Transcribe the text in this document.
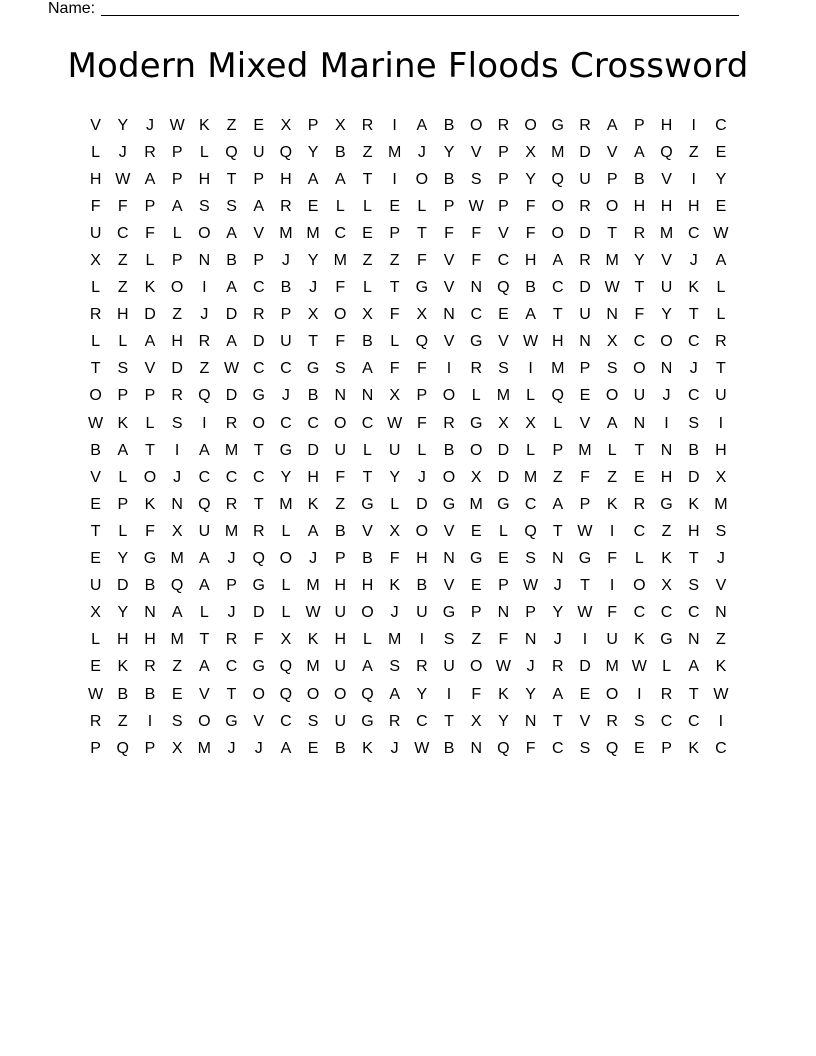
Name:
Modern Mixed Marine Floods Crossword
V	Y	J W K	Z	E	X	P	X	R	I	A	B O R O G R	A	P	H	I	C
L	J	R	P	L	Q U Q Y	B	Z M	J	Y	V	P	X M D	V	A Q	Z	E
H W A	P	H	T	P	H	A	A	T	I	O B	S	P	Y Q U	P	B	V	I	Y
F	F	P	A	S	S	A	R	E	L	L	E	L	P W P	F	O R O H H H	E
U C	F	L	O A	V M M C	E	P	T	F	F	V	F	O D	T	R M C W
X	Z	L	P	N	B	P	J	Y M Z	Z	F	V	F	C H	A	R M Y	V	J	A
L	Z	K O	I	A	C	B	J	F	L	T	G V	N Q B	C D W T	U	K	L
R H D	Z	J	D R	P	X O X	F	X	N C	E	A	T	U N	F	Y	T	L
L	L	A	H R	A	D U	T	F	B	L	Q V G V W H N	X	C O C R
T	S	V	D	Z W C C G S	A	F	F	I	R	S	I	M P	S O N	J	T
O P	P	R Q D G	J	B	N N	X	P O	L	M	L	Q E O U	J	C U
W K	L	S	I	R O C C O C W F	R G X	X	L	V	A	N	I	S	I
B	A	T	I	A M T	G D U	L	U	L	B O D	L	P M	L	T	N	B	H
V	L	O	J	C C C	Y	H	F	T	Y	J	O X	D M Z	F	Z	E	H D	X
E	P	K	N Q R	T M K	Z	G	L	D G M G C	A	P	K	R G K M
T	L	F	X	U M R	L	A	B	V	X O V	E	L	Q	T W	I	C	Z	H	S
E	Y G M A	J	Q O	J	P	B	F	H N G E	S	N G	F	L	K	T	J
U D	B Q A	P G	L	M H H	K	B	V	E	P W J	T	I	O X	S	V
X	Y	N	A	L	J	D	L W U O	J	U G P	N	P	Y W F	C C C N
L	H H M T	R	F	X	K	H	L	M	I	S	Z	F	N	J	I	U	K G N	Z
E	K	R	Z	A	C G Q M U	A	S	R U O W J	R D M W L	A	K
W B	B	E	V	T	O Q O O Q A	Y	I	F	K	Y	A	E O	I	R	T W
R	Z	I	S O G V	C	S	U G R C	T	X	Y	N	T	V	R	S	C C	I
P Q P	X M	J	J	A	E	B	K	J W B	N Q	F	C	S Q E	P	K	C
